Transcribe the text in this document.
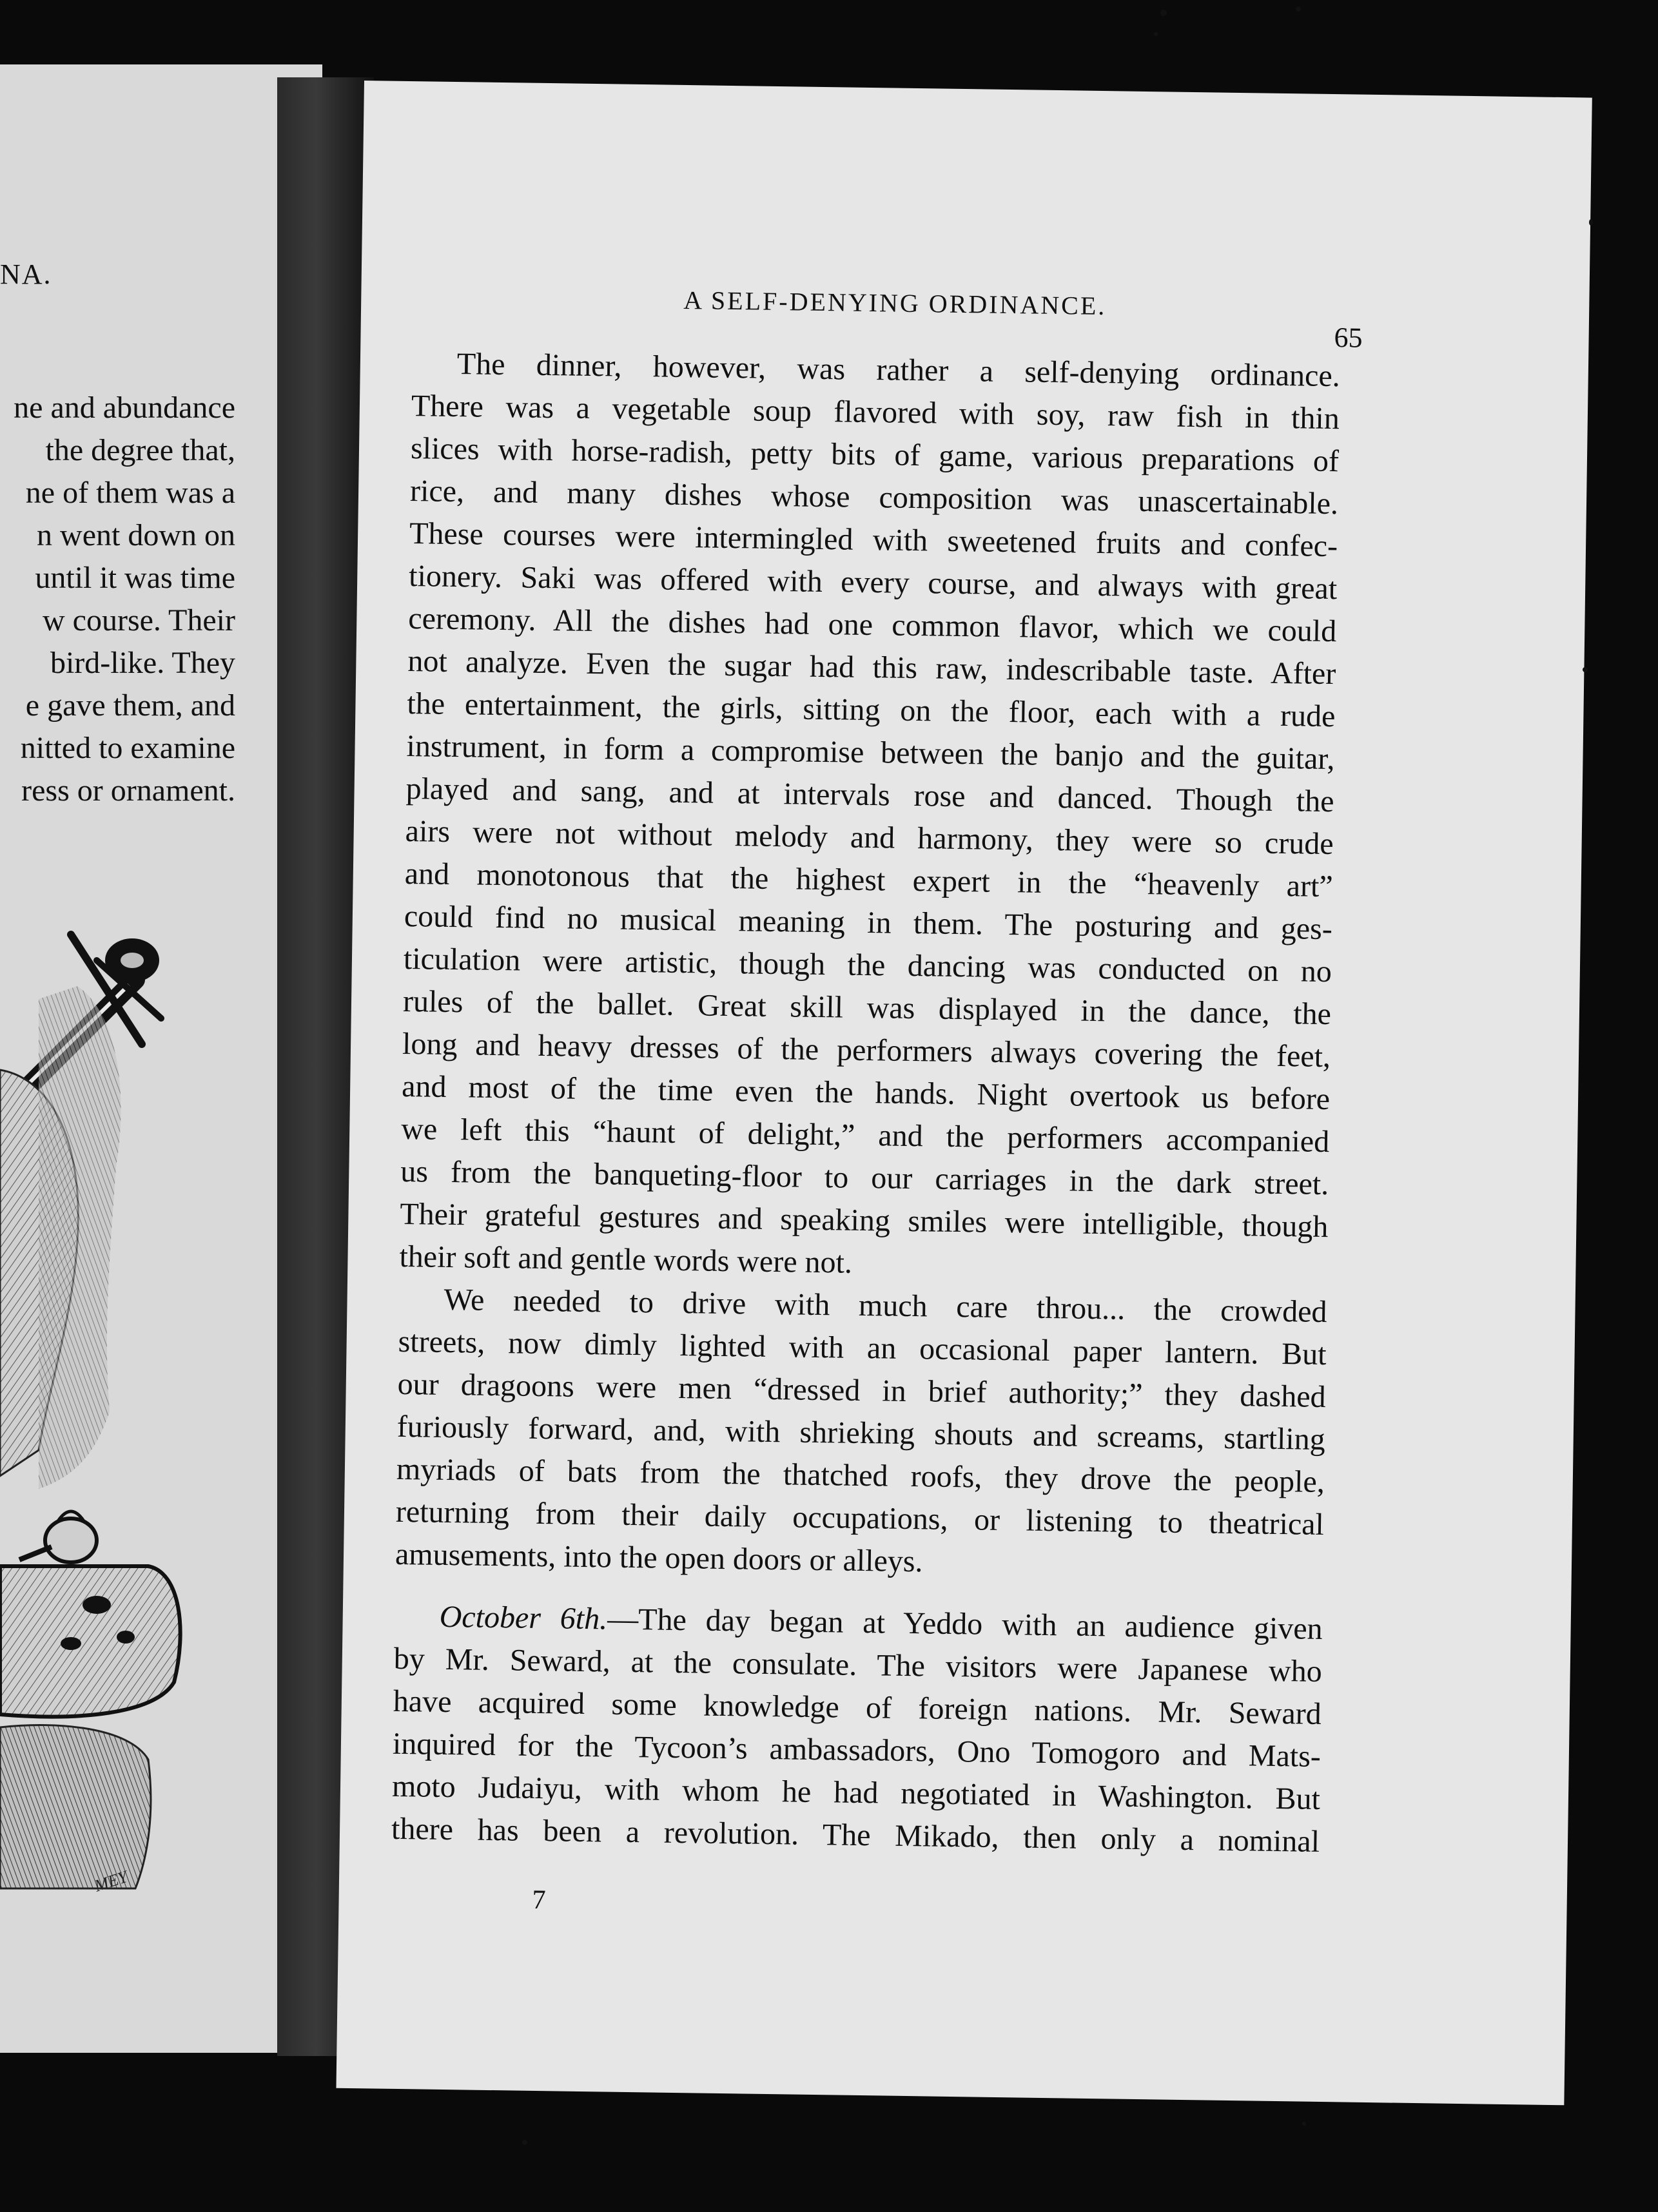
NA.
ne and abundance
the degree that,
ne of them was a
n went down on
until it was time
w course. Their
bird-like. They
e gave them, and
nitted to examine
ress or ornament.
MEY
A SELF-DENYING ORDINANCE.
65

The dinner, however, was rather a self-denying ordinance.
There was a vegetable soup flavored with soy, raw fish in thin
slices with horse-radish, petty bits of game, various preparations of
rice, and many dishes whose composition was unascertainable.
These courses were intermingled with sweetened fruits and confec-
tionery. Saki was offered with every course, and always with great
ceremony. All the dishes had one common flavor, which we could
not analyze. Even the sugar had this raw, indescribable taste. After
the entertainment, the girls, sitting on the floor, each with a rude
instrument, in form a compromise between the banjo and the guitar,
played and sang, and at intervals rose and danced. Though the
airs were not without melody and harmony, they were so crude
and monotonous that the highest expert in the “heavenly art”
could find no musical meaning in them. The posturing and ges-
ticulation were artistic, though the dancing was conducted on no
rules of the ballet. Great skill was displayed in the dance, the
long and heavy dresses of the performers always covering the feet,
and most of the time even the hands. Night overtook us before
we left this “haunt of delight,” and the performers accompanied
us from the banqueting-floor to our carriages in the dark street.
Their grateful gestures and speaking smiles were intelligible, though
their soft and gentle words were not.

We needed to drive with much care throu... the crowded
streets, now dimly lighted with an occasional paper lantern. But
our dragoons were men “dressed in brief authority;” they dashed
furiously forward, and, with shrieking shouts and screams, startling
myriads of bats from the thatched roofs, they drove the people,
returning from their daily occupations, or listening to theatrical
amusements, into the open doors or alleys.

October 6th.—The day began at Yeddo with an audience given
by Mr. Seward, at the consulate. The visitors were Japanese who
have acquired some knowledge of foreign nations. Mr. Seward
inquired for the Tycoon’s ambassadors, Ono Tomogoro and Mats-
moto Judaiyu, with whom he had negotiated in Washington. But
there has been a revolution. The Mikado, then only a nominal

7
